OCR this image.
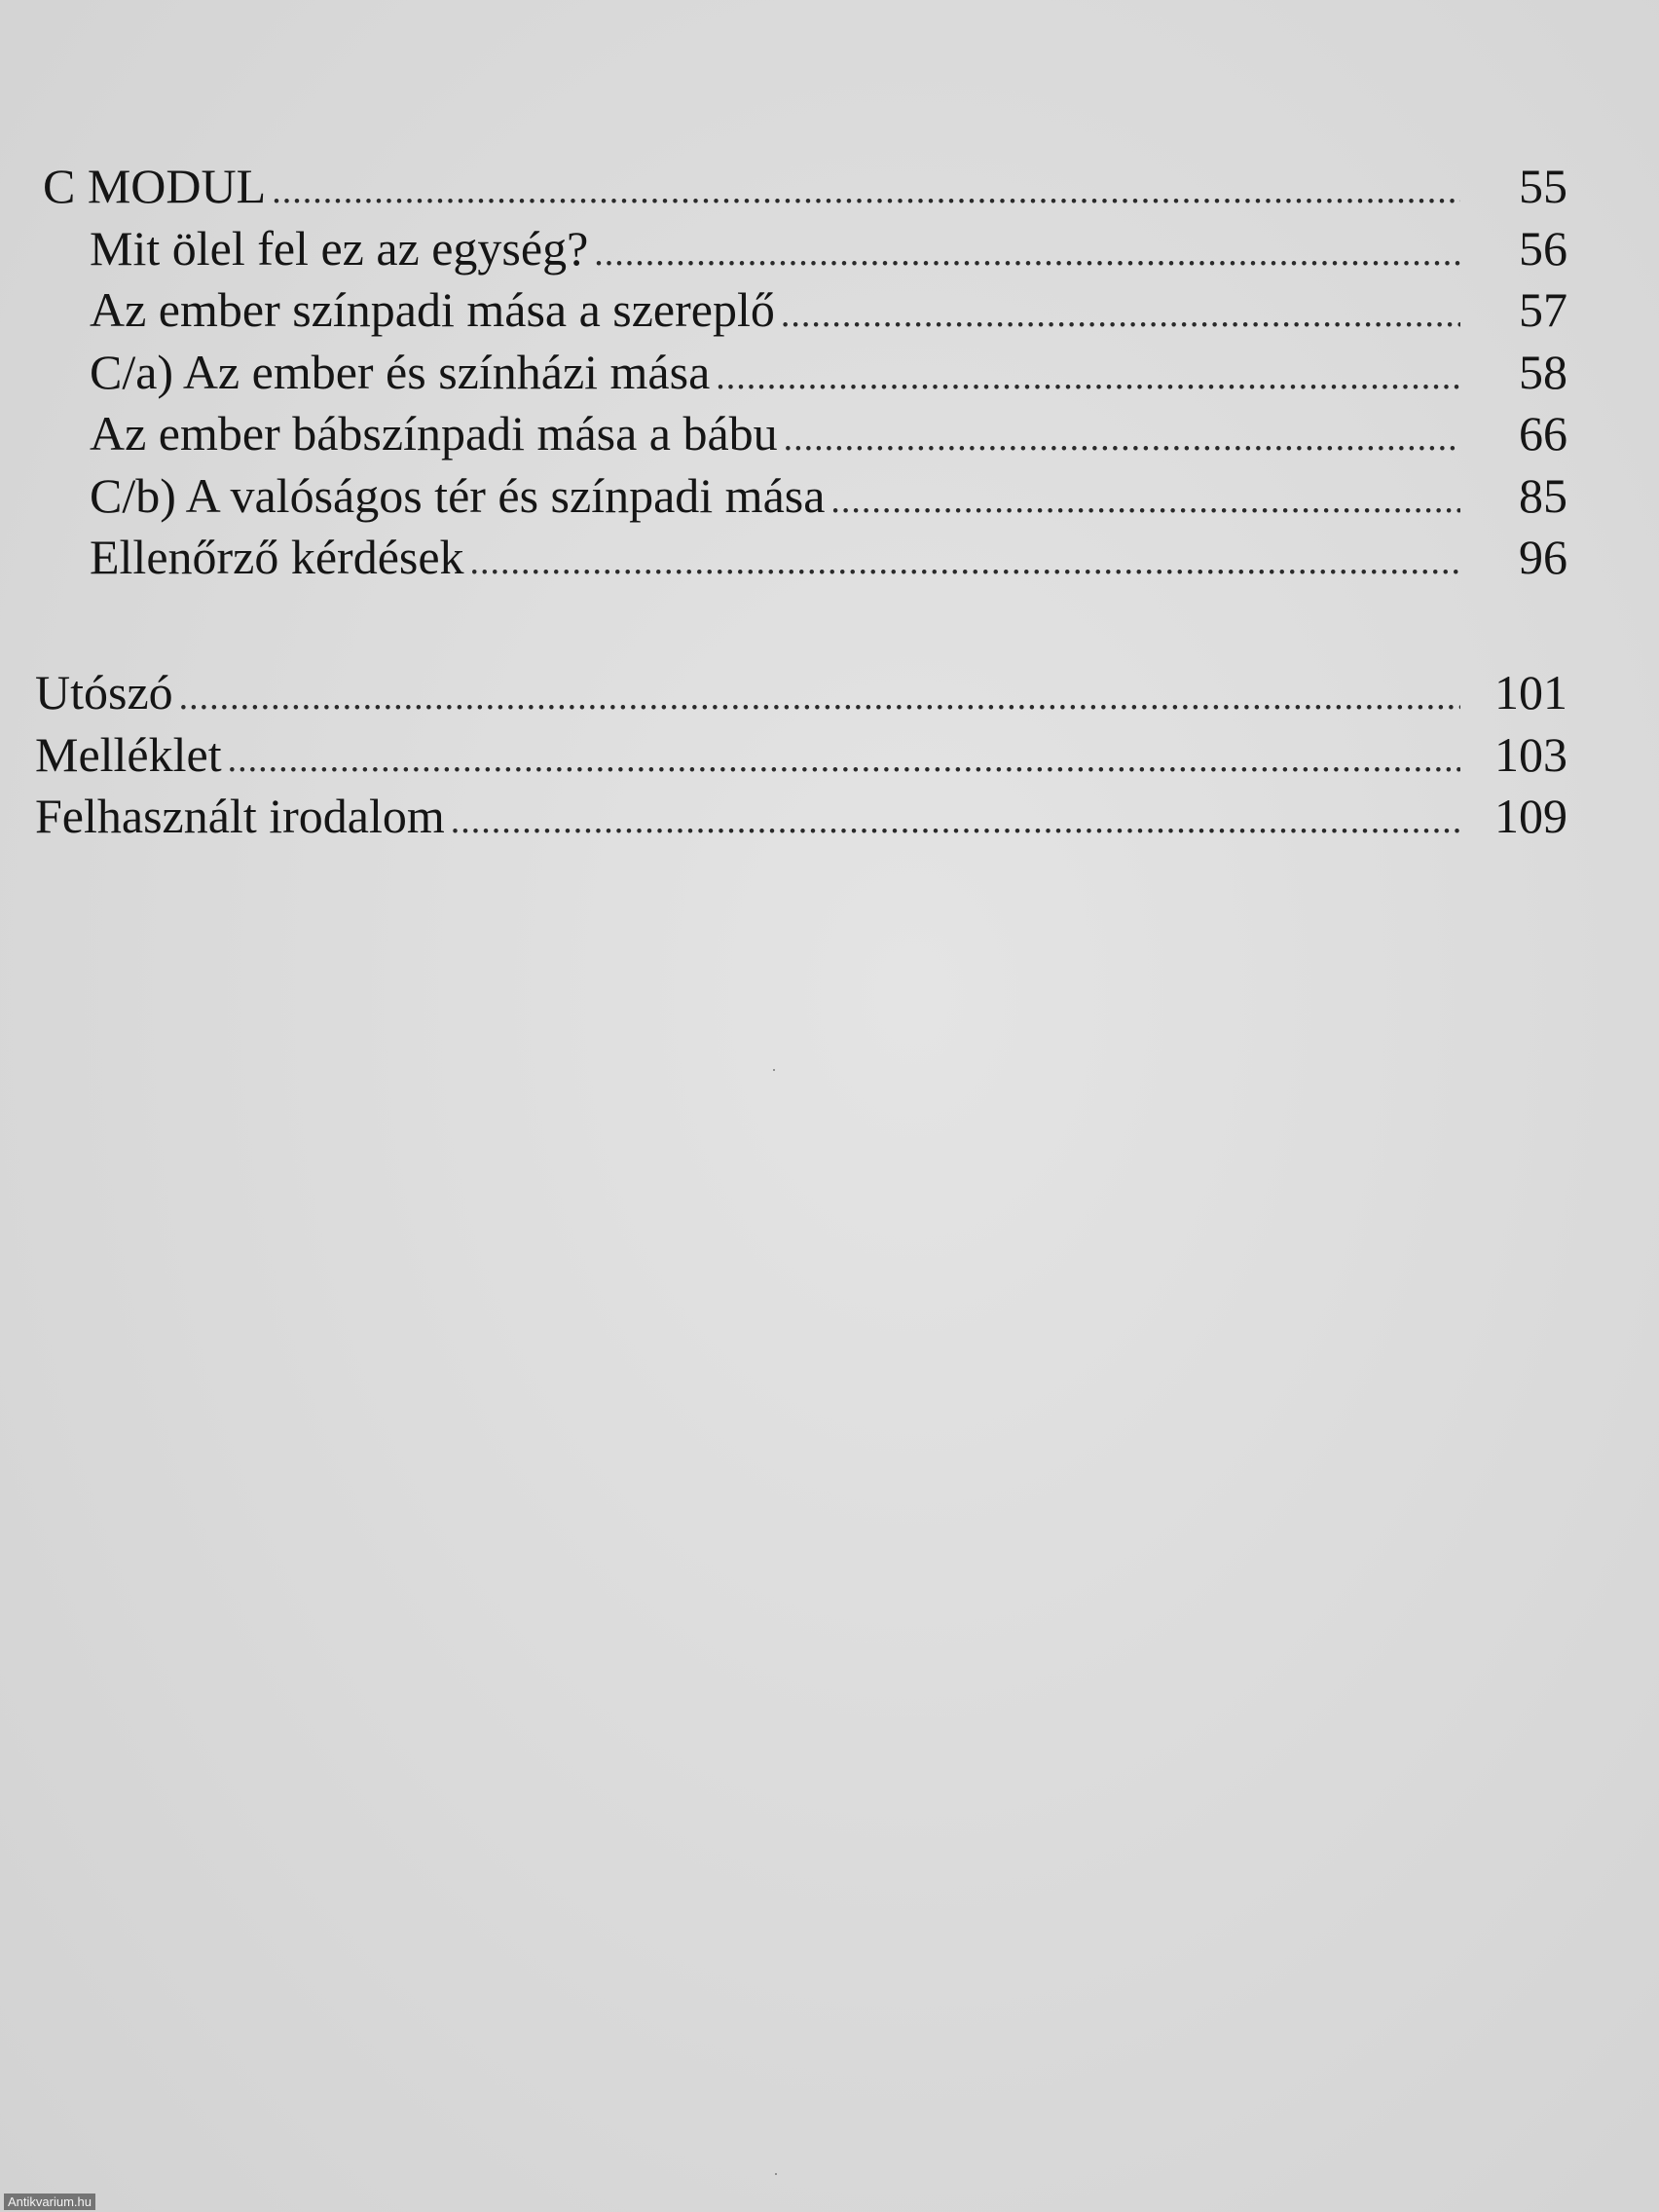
C MODUL .....	55
Mit ölel fel ez az egység? .....	56
Az ember színpadi mása a szereplő .....	57
C/a) Az ember és színházi mása .....	58
Az ember bábszínpadi mása a bábu .....	66
C/b) A valóságos tér és színpadi mása .....	85
Ellenőrző kérdések .....	96
Utószó .....	101
Melléklet .....	103
Felhasznált irodalom .....	109
Antikvarium.hu
